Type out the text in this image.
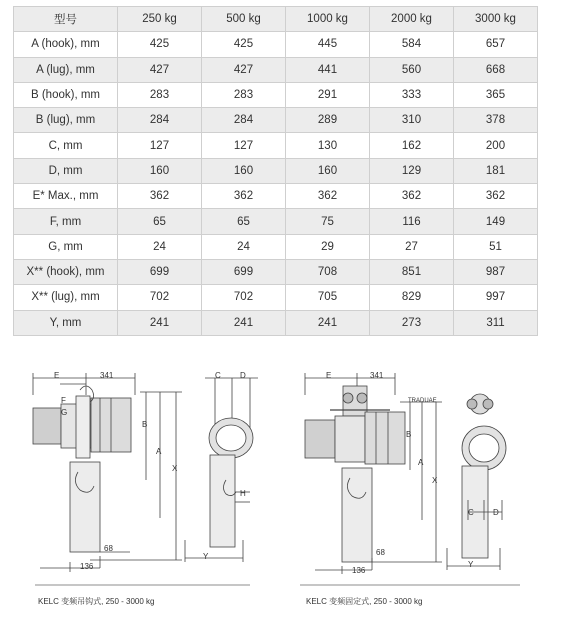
型号	250 kg	500 kg	1000 kg	2000 kg	3000 kg
A (hook), mm	425	425	445	584	657
A (lug), mm	427	427	441	560	668
B (hook), mm	283	283	291	333	365
B (lug), mm	284	284	289	310	378
C, mm	127	127	130	162	200
D, mm	160	160	160	129	181
E* Max., mm	362	362	362	362	362
F, mm	65	65	75	116	149
G, mm	24	24	29	27	51
X** (hook), mm	699	699	708	851	987
X** (lug), mm	702	702	705	829	997
Y, mm	241	241	241	273	311
E	341
F
G
B
A
X
C D
H
Y
68
136
KELC 变频吊钩式, 250 - 3000 kg
E	341
TRADUAE
B
A
X
C D
Y
68
136
KELC 变频固定式, 250 - 3000 kg
